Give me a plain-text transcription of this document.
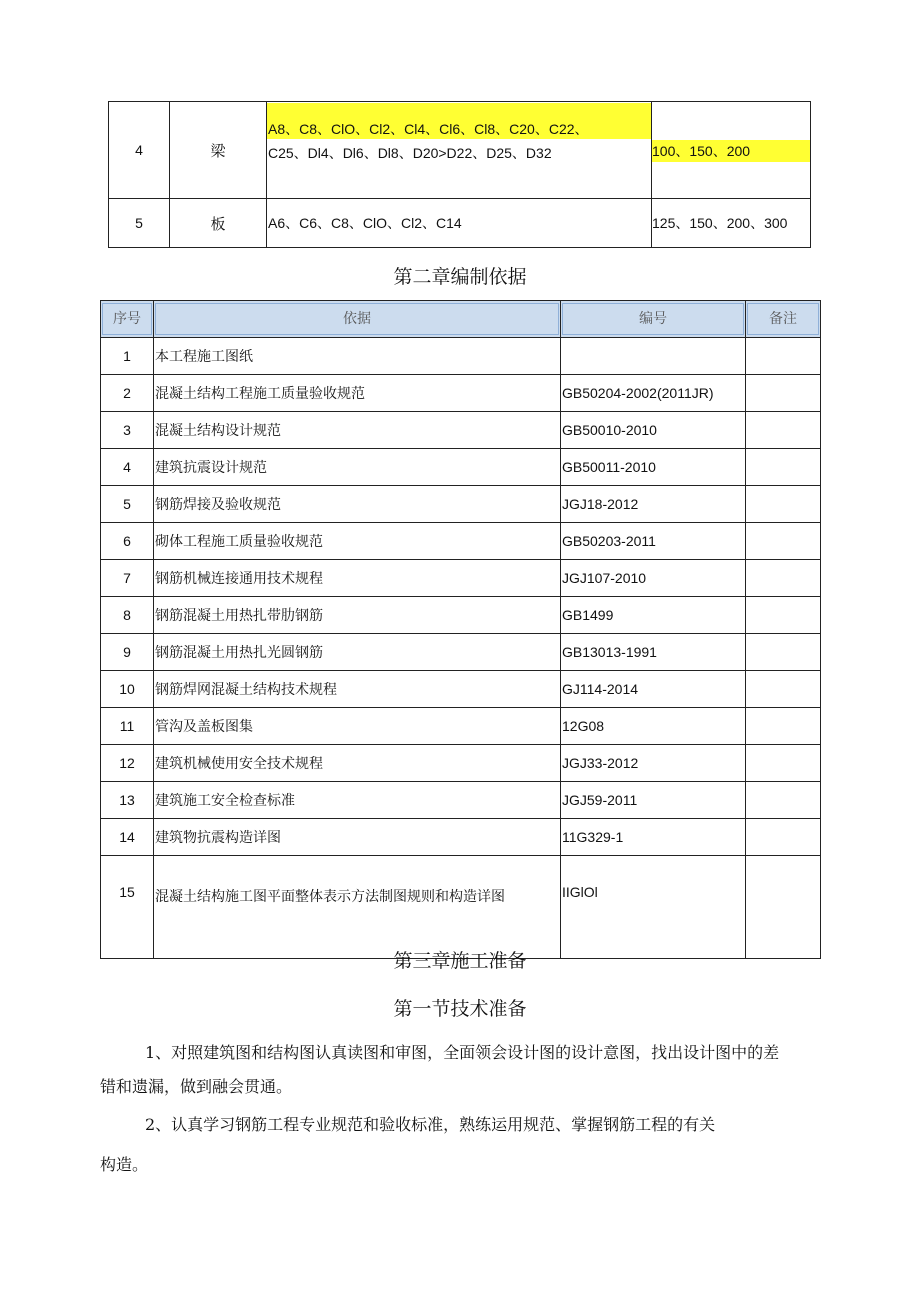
4	梁	A8、C8、ClO、Cl2、Cl4、Cl6、Cl8、C20、C22、
C25、Dl4、Dl6、Dl8、D20>D22、D25、D32	100、150、200

5	板	A6、C6、C8、ClO、Cl2、C14	125、150、200、300
第二章编制依据
序号	依据	编号	备注

1	本工程施工图纸		
2	混凝土结构工程施工质量验收规范	GB50204-2002(2011JR)	
3	混凝土结构设计规范	GB50010-2010	
4	建筑抗震设计规范	GB50011-2010	
5	钢筋焊接及验收规范	JGJ18-2012	
6	砌体工程施工质量验收规范	GB50203-2011	
7	钢筋机械连接通用技术规程	JGJ107-2010	
8	钢筋混凝土用热扎带肋钢筋	GB1499	
9	钢筋混凝土用热扎光圆钢筋	GB13013-1991	
10	钢筋焊网混凝土结构技术规程	GJ114-2014	
11	管沟及盖板图集	12G08	
12	建筑机械使用安全技术规程	JGJ33-2012	
13	建筑施工安全检查标准	JGJ59-2011	
14	建筑物抗震构造详图	11G329-1	
15	混凝土结构施工图平面整体表示方法制图规则和构造详图	IIGlOl	
第三章施工准备
第一节技术准备

1、对照建筑图和结构图认真读图和审图，全面领会设计图的设计意图，找出设计图中的差

错和遗漏，做到融会贯通。

2、认真学习钢筋工程专业规范和验收标准，熟练运用规范、掌握钢筋工程的有关

构造。
